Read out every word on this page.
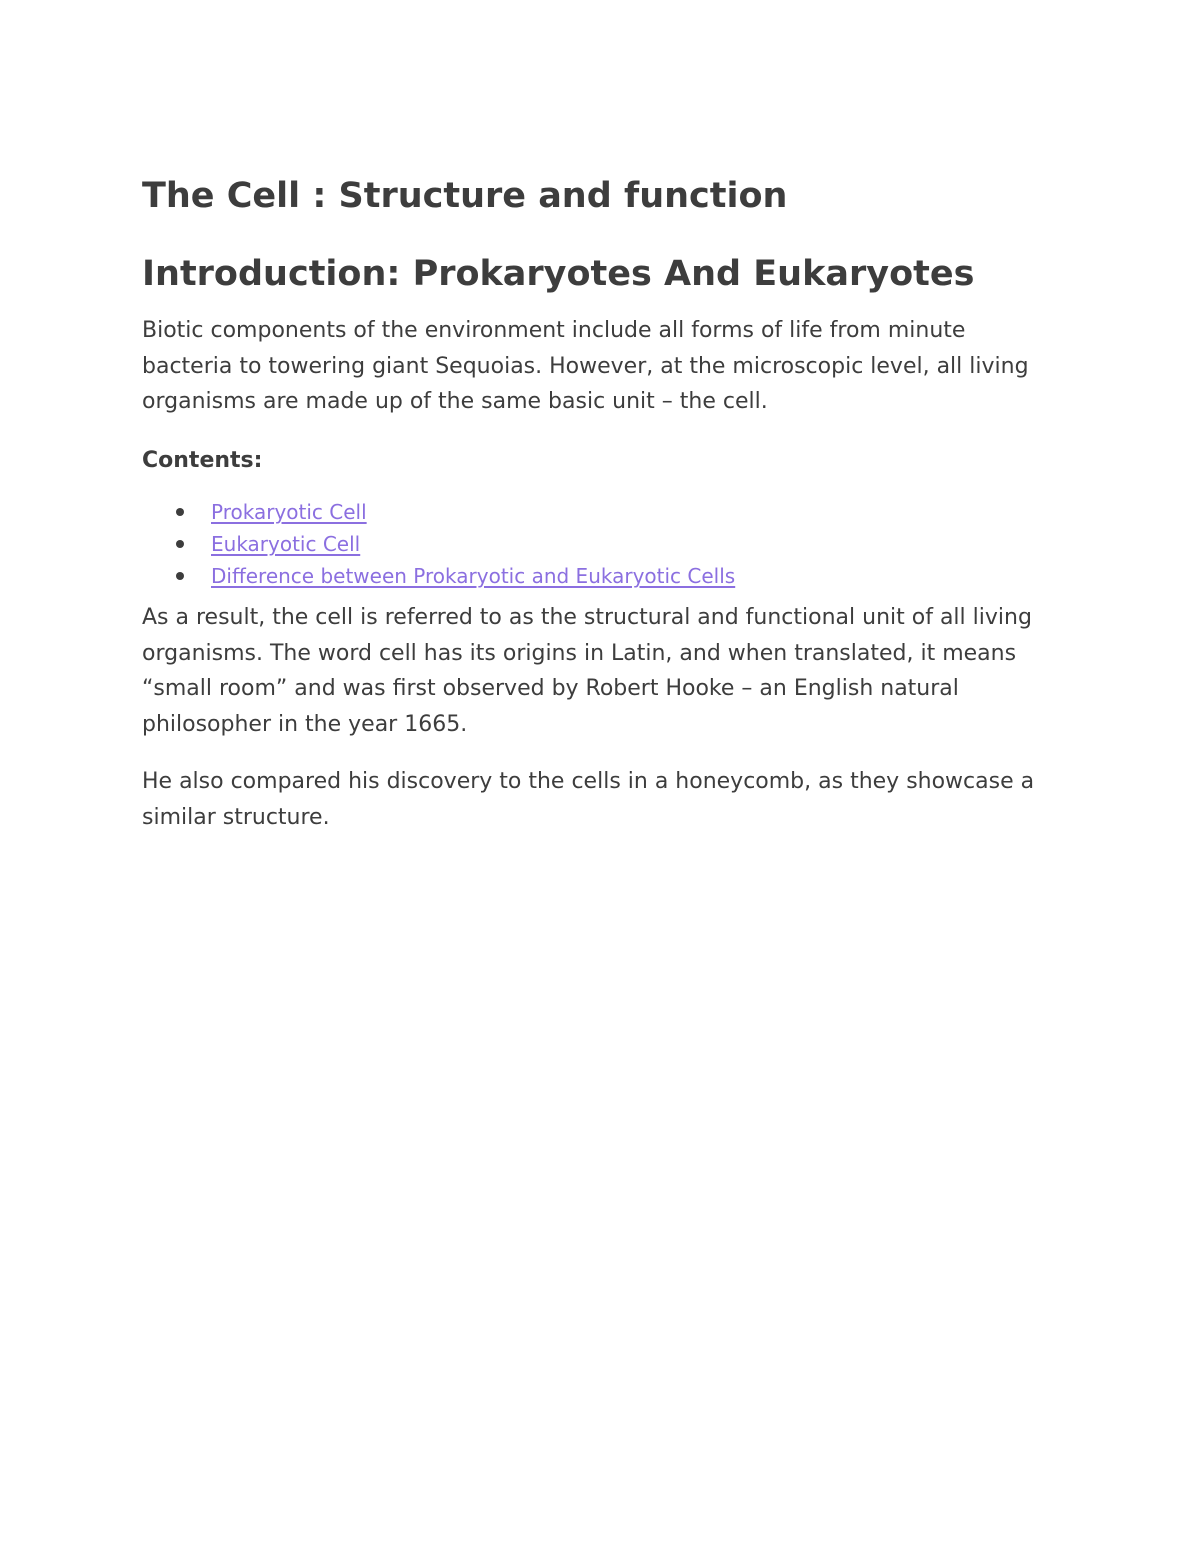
The Cell : Structure and function
Introduction: Prokaryotes And Eukaryotes

Biotic components of the environment include all forms of life from minute bacteria to towering giant Sequoias. However, at the microscopic level, all living organisms are made up of the same basic unit – the cell.

Contents:

Prokaryotic Cell
Eukaryotic Cell
Difference between Prokaryotic and Eukaryotic Cells

As a result, the cell is referred to as the structural and functional unit of all living organisms. The word cell has its origins in Latin, and when translated, it means “small room” and was first observed by Robert Hooke – an English natural philosopher in the year 1665.

He also compared his discovery to the cells in a honeycomb, as they showcase a similar structure.
